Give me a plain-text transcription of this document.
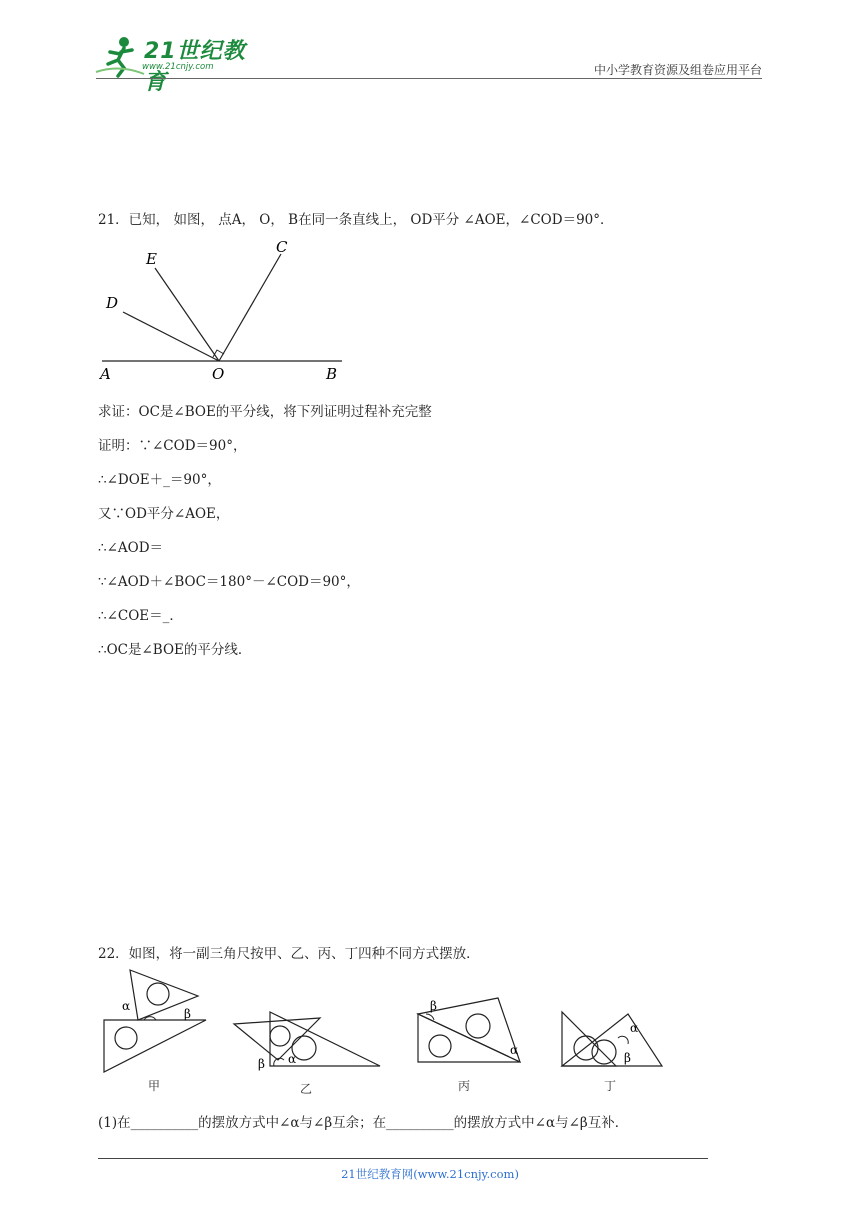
21世纪教育
www.21cnjy.com	中小学教育资源及组卷应用平台
21．已知， 如图， 点A， O， B在同一条直线上， OD平分 ∠AOE，∠COD＝90°．
C
E
D
A	O	B
求证：OC是∠BOE的平分线，将下列证明过程补充完整
证明：∵∠COD＝90°，
∴∠DOE＋_＝90°，
又∵OD平分∠AOE，
∴∠AOD＝
∵∠AOD＋∠BOC＝180°－∠COD＝90°，
∴∠COE＝_．
∴OC是∠BOE的平分线．
22．如图，将一副三角尺按甲、乙、丙、丁四种不同方式摆放．
α
β
甲
β α
乙
β
α
丙
α
β
丁
(1)在__________的摆放方式中∠α与∠β互余；在__________的摆放方式中∠α与∠β互补．
21世纪教育网(www.21cnjy.com)
